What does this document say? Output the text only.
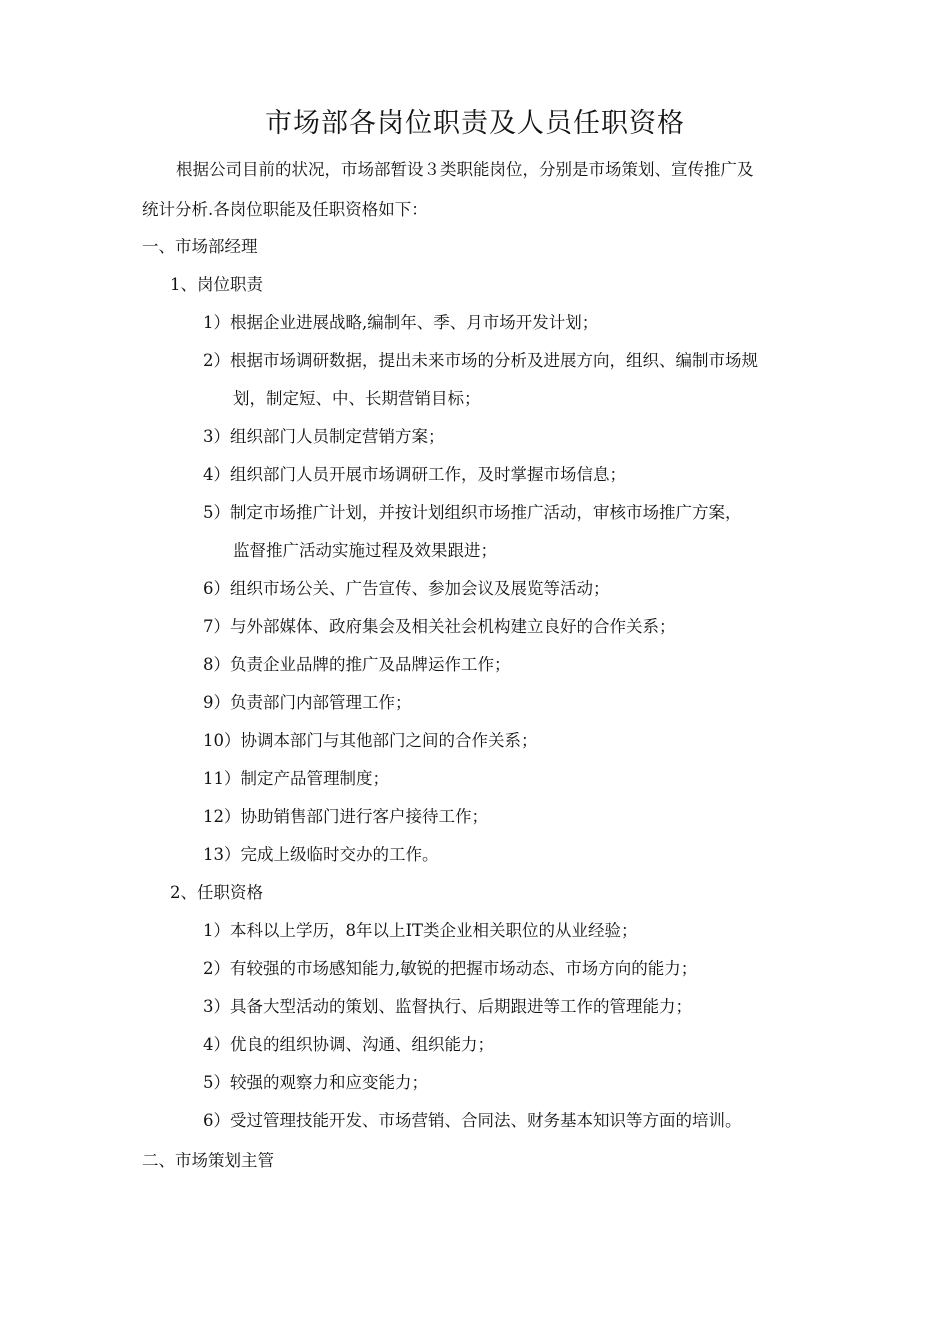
市场部各岗位职责及人员任职资格
根据公司目前的状况，市场部暂设３类职能岗位，分别是市场策划、宣传推广及
统计分析.各岗位职能及任职资格如下：
一、市场部经理
1、岗位职责
1）根据企业进展战略,编制年、季、月市场开发计划；
2）根据市场调研数据，提出未来市场的分析及进展方向，组织、编制市场规
划，制定短、中、长期营销目标；
3）组织部门人员制定营销方案；
4）组织部门人员开展市场调研工作，及时掌握市场信息；
5）制定市场推广计划，并按计划组织市场推广活动，审核市场推广方案，
监督推广活动实施过程及效果跟进；
6）组织市场公关、广告宣传、参加会议及展览等活动；
7）与外部媒体、政府集会及相关社会机构建立良好的合作关系；
8）负责企业品牌的推广及品牌运作工作；
9）负责部门内部管理工作；
10）协调本部门与其他部门之间的合作关系；
11）制定产品管理制度；
12）协助销售部门进行客户接待工作；
13）完成上级临时交办的工作。
2、任职资格
1）本科以上学历，8年以上IT类企业相关职位的从业经验；
2）有较强的市场感知能力,敏锐的把握市场动态、市场方向的能力；
3）具备大型活动的策划、监督执行、后期跟进等工作的管理能力；
4）优良的组织协调、沟通、组织能力；
5）较强的观察力和应变能力；
6）受过管理技能开发、市场营销、合同法、财务基本知识等方面的培训。
二、市场策划主管
